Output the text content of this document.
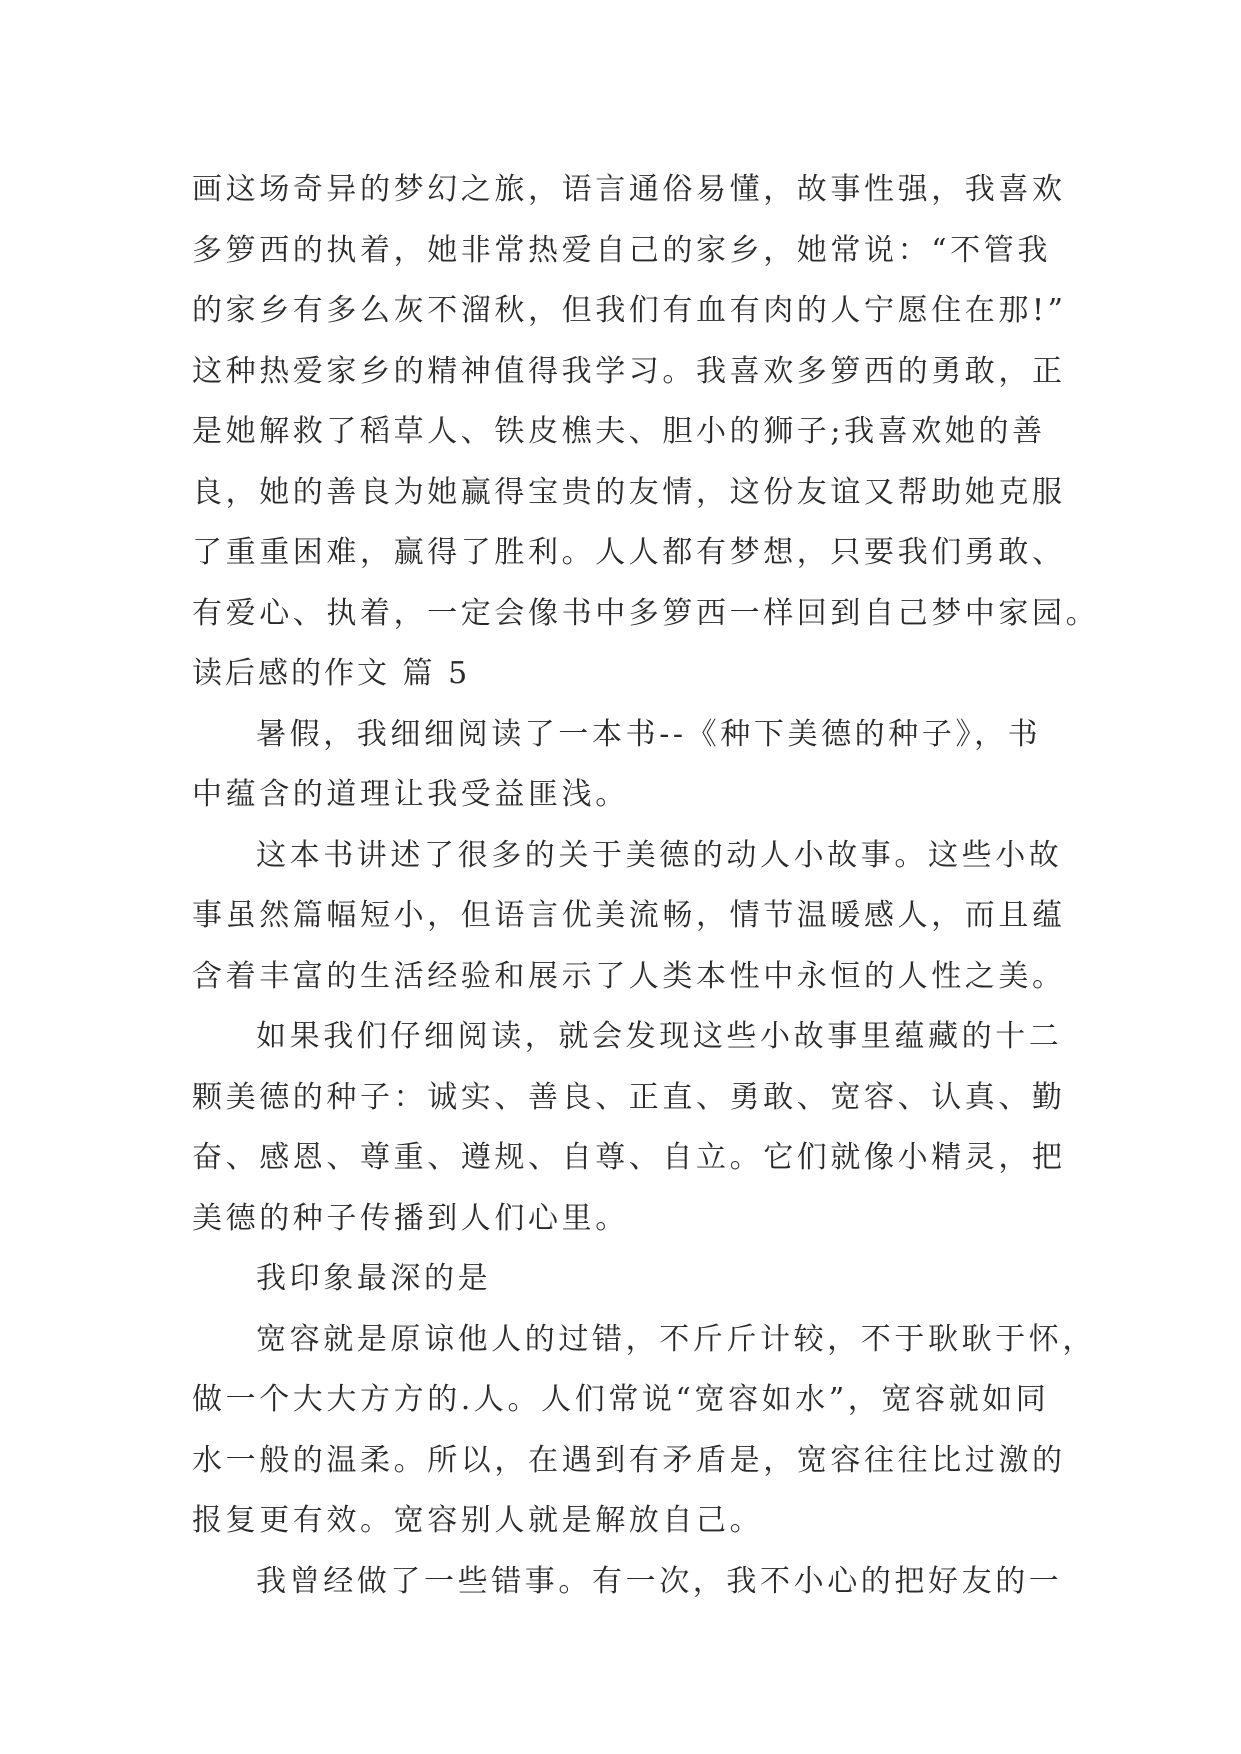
画这场奇异的梦幻之旅，语言通俗易懂，故事性强，我喜欢
多箩西的执着，她非常热爱自己的家乡，她常说：“不管我
的家乡有多么灰不溜秋，但我们有血有肉的人宁愿住在那!”
这种热爱家乡的精神值得我学习。我喜欢多箩西的勇敢，正
是她解救了稻草人、铁皮樵夫、胆小的狮子;我喜欢她的善
良，她的善良为她赢得宝贵的友情，这份友谊又帮助她克服
了重重困难，赢得了胜利。人人都有梦想，只要我们勇敢、
有爱心、执着，一定会像书中多箩西一样回到自己梦中家园。
读后感的作文 篇 5
暑假，我细细阅读了一本书--《种下美德的种子》，书
中蕴含的道理让我受益匪浅。
这本书讲述了很多的关于美德的动人小故事。这些小故
事虽然篇幅短小，但语言优美流畅，情节温暖感人，而且蕴
含着丰富的生活经验和展示了人类本性中永恒的人性之美。
如果我们仔细阅读，就会发现这些小故事里蕴藏的十二
颗美德的种子：诚实、善良、正直、勇敢、宽容、认真、勤
奋、感恩、尊重、遵规、自尊、自立。它们就像小精灵，把
美德的种子传播到人们心里。
我印象最深的是
宽容就是原谅他人的过错，不斤斤计较，不于耿耿于怀，
做一个大大方方的.人。人们常说“宽容如水”，宽容就如同
水一般的温柔。所以，在遇到有矛盾是，宽容往往比过激的
报复更有效。宽容别人就是解放自己。
我曾经做了一些错事。有一次，我不小心的把好友的一
